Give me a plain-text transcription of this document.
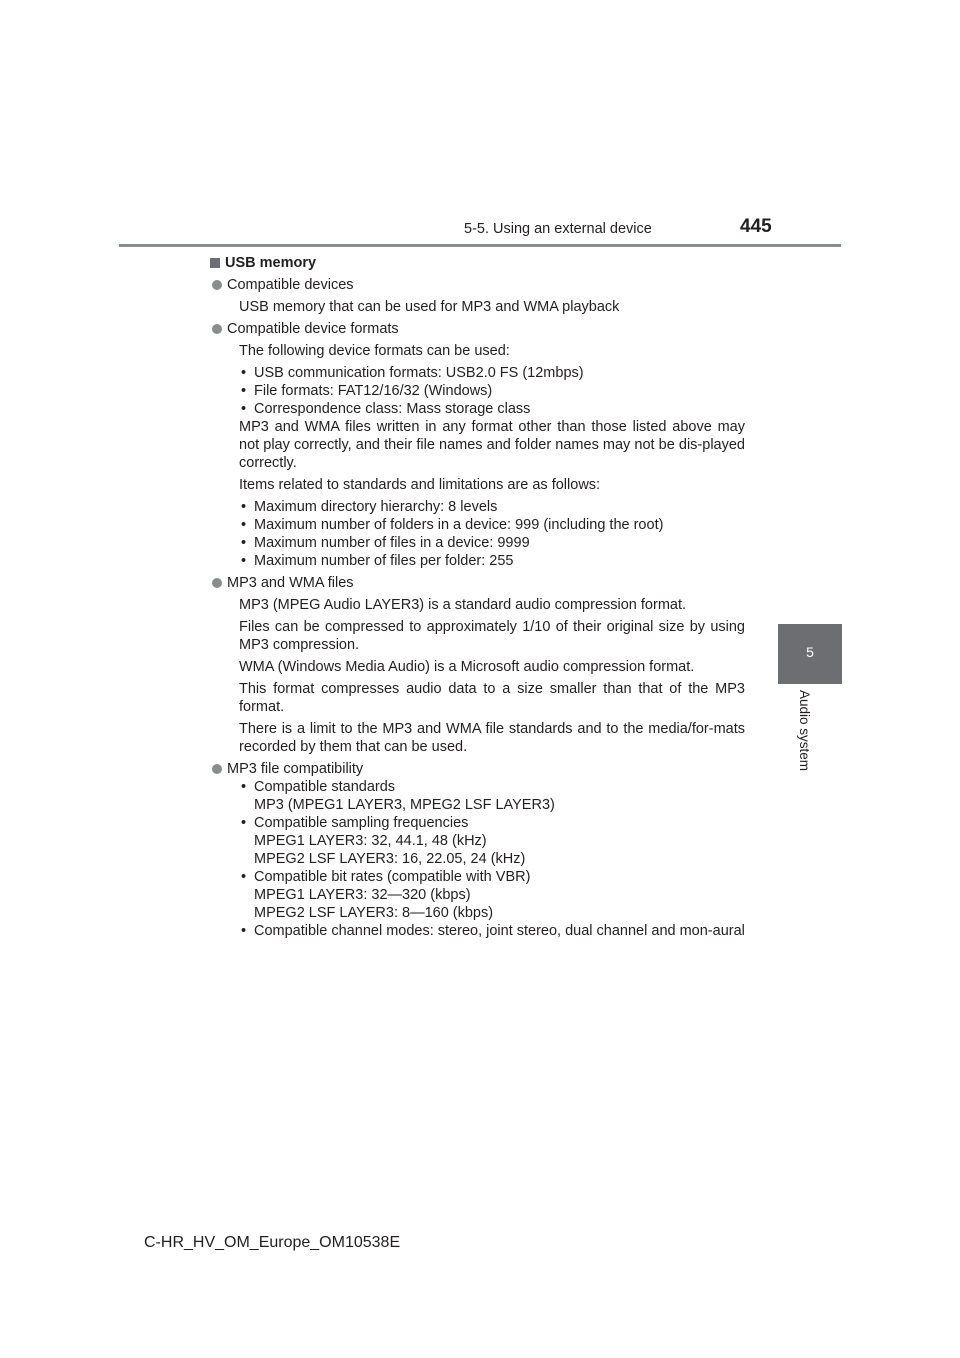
5-5. Using an external device	445
5
Audio system
USB memory
Compatible devices

USB memory that can be used for MP3 and WMA playback

Compatible device formats

The following device formats can be used:

• USB communication formats: USB2.0 FS (12mbps)
• File formats: FAT12/16/32 (Windows)
• Correspondence class: Mass storage class
MP3 and WMA files written in any format other than those listed above may not play correctly, and their file names and folder names may not be dis-played correctly.

Items related to standards and limitations are as follows:

• Maximum directory hierarchy: 8 levels
• Maximum number of folders in a device: 999 (including the root)
• Maximum number of files in a device: 9999
• Maximum number of files per folder: 255
MP3 and WMA files

MP3 (MPEG Audio LAYER3) is a standard audio compression format.

Files can be compressed to approximately 1/10 of their original size by using MP3 compression.

WMA (Windows Media Audio) is a Microsoft audio compression format.

This format compresses audio data to a size smaller than that of the MP3 format.

There is a limit to the MP3 and WMA file standards and to the media/for-mats recorded by them that can be used.

MP3 file compatibility
• Compatible standards
MP3 (MPEG1 LAYER3, MPEG2 LSF LAYER3)
• Compatible sampling frequencies
MPEG1 LAYER3: 32, 44.1, 48 (kHz)
MPEG2 LSF LAYER3: 16, 22.05, 24 (kHz)
• Compatible bit rates (compatible with VBR)
MPEG1 LAYER3: 32—320 (kbps)
MPEG2 LSF LAYER3: 8—160 (kbps)
• Compatible channel modes: stereo, joint stereo, dual channel and mon-aural
C-HR_HV_OM_Europe_OM10538E
